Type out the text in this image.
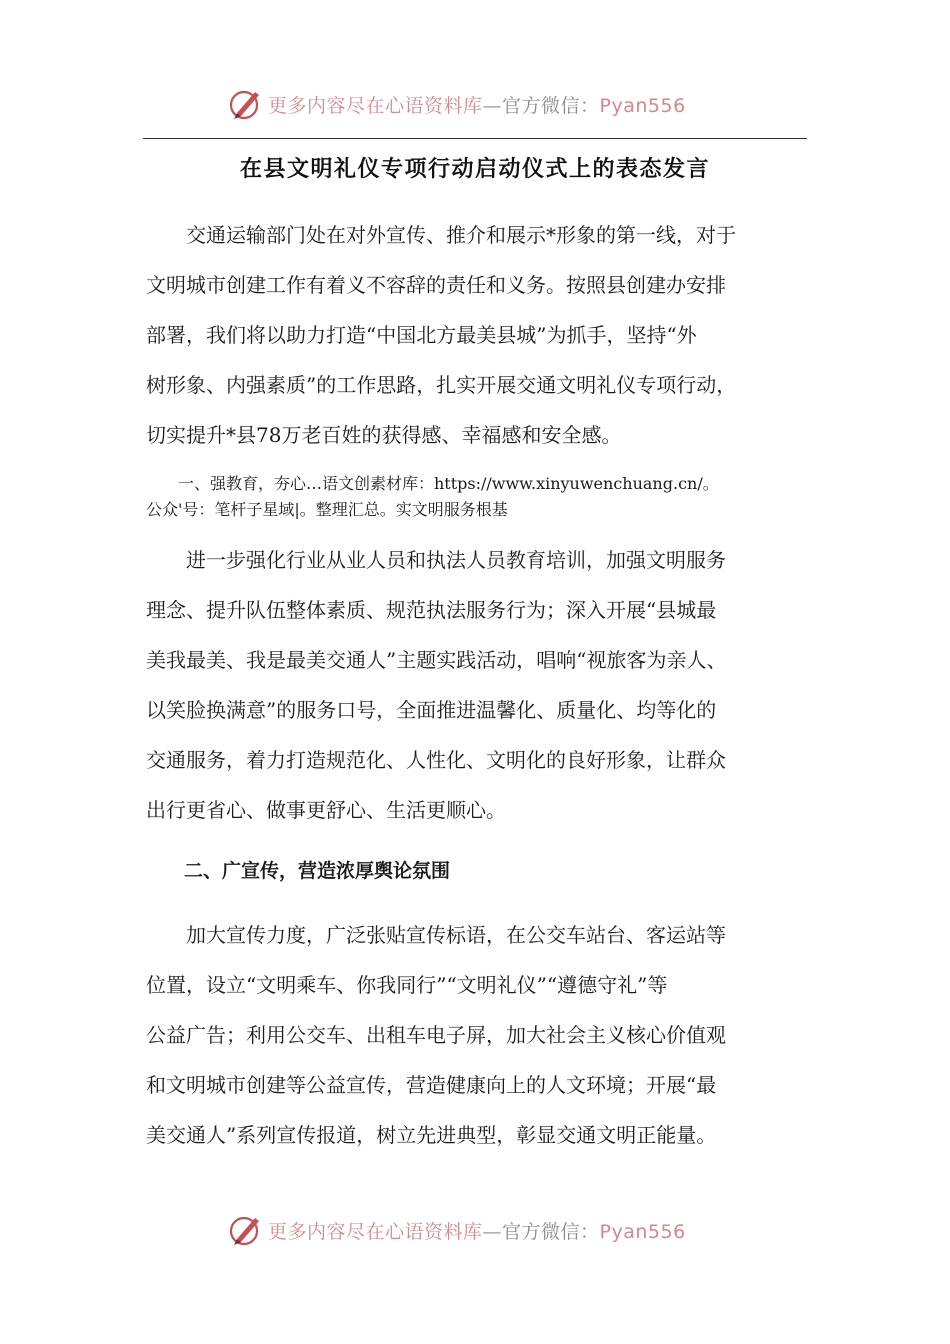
更多内容尽在心语资料库—官方微信：Pyan556
在县文明礼仪专项行动启动仪式上的表态发言
　　交通运输部门处在对外宣传、推介和展示*形象的第一线，对于
文明城市创建工作有着义不容辞的责任和义务。按照县创建办安排
部署，我们将以助力打造“中国北方最美县城”为抓手，坚持“外
树形象、内强素质”的工作思路，扎实开展交通文明礼仪专项行动，
切实提升*县78万老百姓的获得感、幸福感和安全感。
　　一、强教育，夯心…语文创素材库：https://www.xinyuwenchuang.cn/。
公众'号：笔杆子星域|。整理汇总。实文明服务根基
　　进一步强化行业从业人员和执法人员教育培训，加强文明服务
理念、提升队伍整体素质、规范执法服务行为；深入开展“县城最
美我最美、我是最美交通人”主题实践活动，唱响“视旅客为亲人、
以笑脸换满意”的服务口号，全面推进温馨化、质量化、均等化的
交通服务，着力打造规范化、人性化、文明化的良好形象，让群众
出行更省心、做事更舒心、生活更顺心。
二、广宣传，营造浓厚舆论氛围
　　加大宣传力度，广泛张贴宣传标语，在公交车站台、客运站等
位置，设立“文明乘车、你我同行”“文明礼仪”“遵德守礼”等
公益广告；利用公交车、出租车电子屏，加大社会主义核心价值观
和文明城市创建等公益宣传，营造健康向上的人文环境；开展“最
美交通人”系列宣传报道，树立先进典型，彰显交通文明正能量。
更多内容尽在心语资料库—官方微信：Pyan556
